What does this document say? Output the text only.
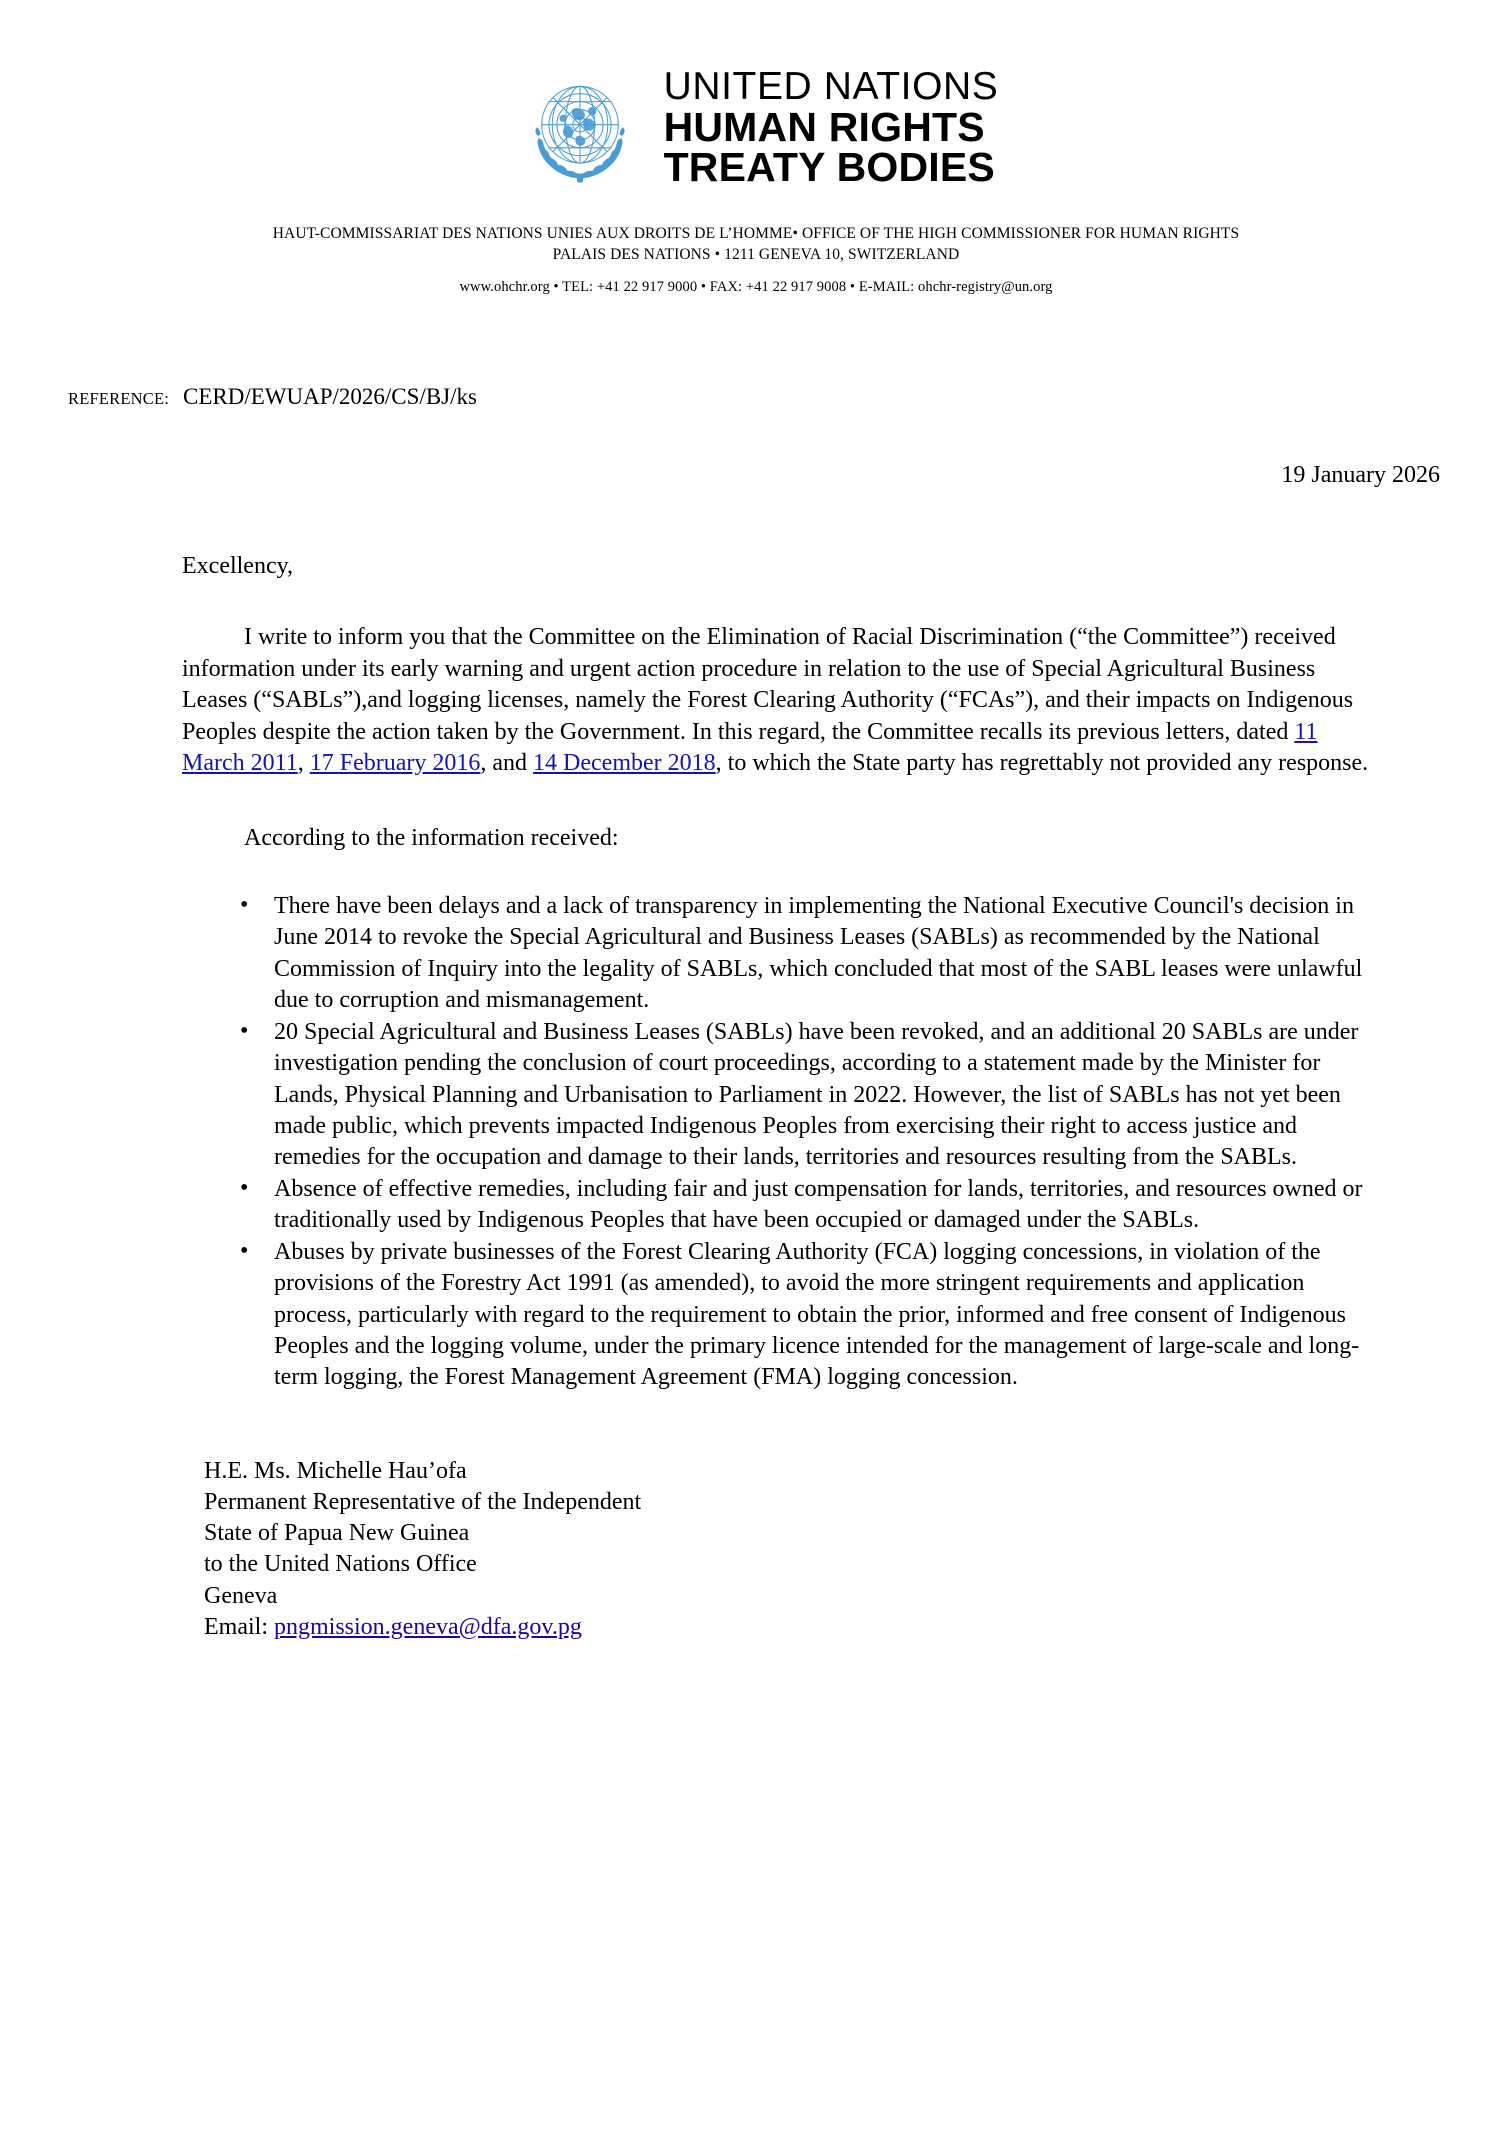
UNITED NATIONS
HUMAN RIGHTS
TREATY BODIES
HAUT-COMMISSARIAT DES NATIONS UNIES AUX DROITS DE L’HOMME• OFFICE OF THE HIGH COMMISSIONER FOR HUMAN RIGHTS
PALAIS DES NATIONS • 1211 GENEVA 10, SWITZERLAND
www.ohchr.org • TEL: +41 22 917 9000 • FAX: +41 22 917 9008 • E-MAIL: ohchr-registry@un.org
REFERENCE: CERD/EWUAP/2026/CS/BJ/ks
19 January 2026
Excellency,
I write to inform you that the Committee on the Elimination of Racial Discrimination (“the Committee”) received information under its early warning and urgent action procedure in relation to the use of Special Agricultural Business Leases (“SABLs”),and logging licenses, namely the Forest Clearing Authority (“FCAs”), and their impacts on Indigenous Peoples despite the action taken by the Government. In this regard, the Committee recalls its previous letters, dated 11 March 2011, 17 February 2016, and 14 December 2018, to which the State party has regrettably not provided any response.
According to the information received:
• There have been delays and a lack of transparency in implementing the National Executive Council's decision in June 2014 to revoke the Special Agricultural and Business Leases (SABLs) as recommended by the National Commission of Inquiry into the legality of SABLs, which concluded that most of the SABL leases were unlawful due to corruption and mismanagement.
• 20 Special Agricultural and Business Leases (SABLs) have been revoked, and an additional 20 SABLs are under investigation pending the conclusion of court proceedings, according to a statement made by the Minister for Lands, Physical Planning and Urbanisation to Parliament in 2022. However, the list of SABLs has not yet been made public, which prevents impacted Indigenous Peoples from exercising their right to access justice and remedies for the occupation and damage to their lands, territories and resources resulting from the SABLs.
• Absence of effective remedies, including fair and just compensation for lands, territories, and resources owned or traditionally used by Indigenous Peoples that have been occupied or damaged under the SABLs.
• Abuses by private businesses of the Forest Clearing Authority (FCA) logging concessions, in violation of the provisions of the Forestry Act 1991 (as amended), to avoid the more stringent requirements and application process, particularly with regard to the requirement to obtain the prior, informed and free consent of Indigenous Peoples and the logging volume, under the primary licence intended for the management of large-scale and long-term logging, the Forest Management Agreement (FMA) logging concession.
H.E. Ms. Michelle Hau’ofa
Permanent Representative of the Independent
State of Papua New Guinea
to the United Nations Office
Geneva
Email: pngmission.geneva@dfa.gov.pg
